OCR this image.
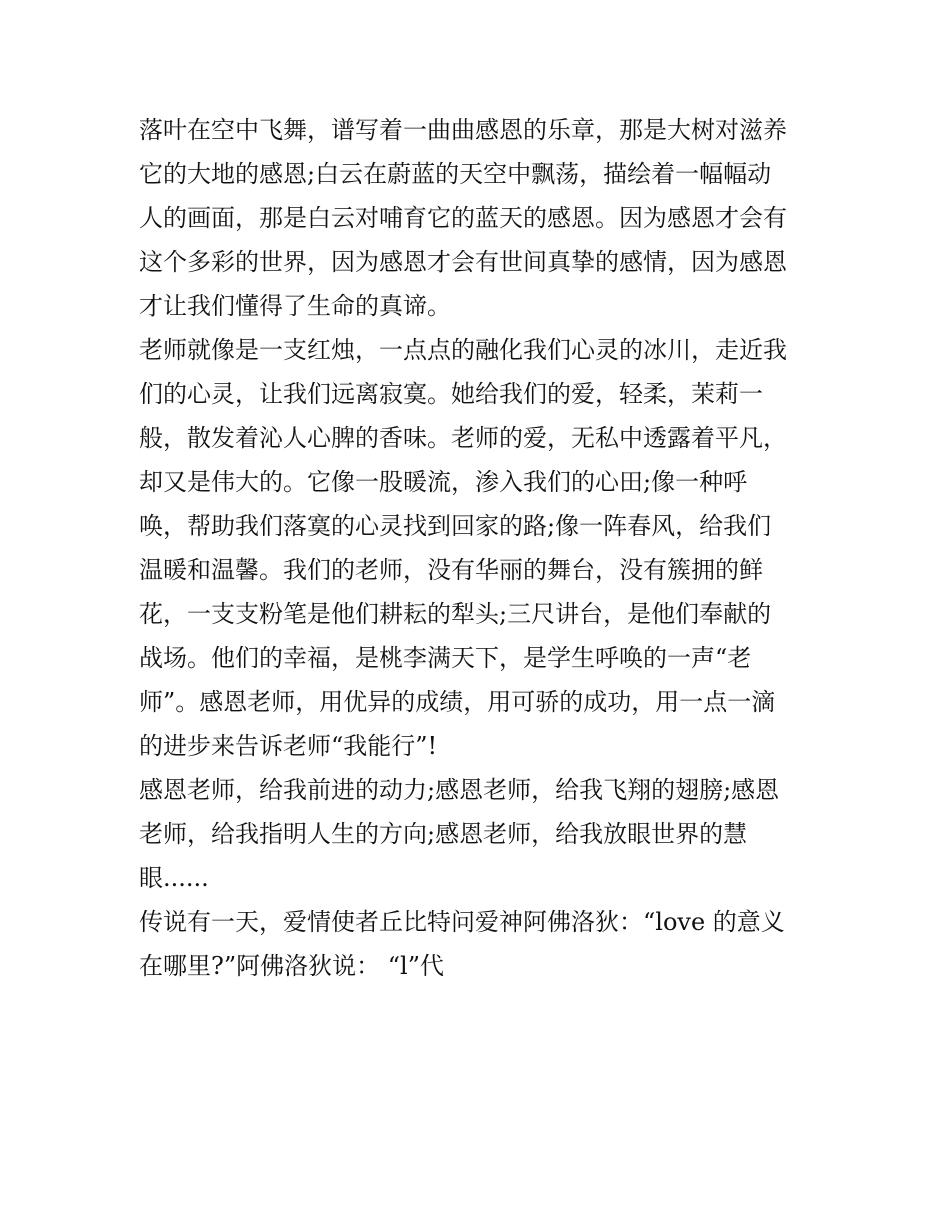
落叶在空中飞舞，谱写着一曲曲感恩的乐章，那是大树对滋养
它的大地的感恩;白云在蔚蓝的天空中飘荡，描绘着一幅幅动
人的画面，那是白云对哺育它的蓝天的感恩。因为感恩才会有
这个多彩的世界，因为感恩才会有世间真挚的感情，因为感恩
才让我们懂得了生命的真谛。
老师就像是一支红烛，一点点的融化我们心灵的冰川，走近我
们的心灵，让我们远离寂寞。她给我们的爱，轻柔，茉莉一
般，散发着沁人心脾的香味。老师的爱，无私中透露着平凡，
却又是伟大的。它像一股暖流，渗入我们的心田;像一种呼
唤，帮助我们落寞的心灵找到回家的路;像一阵春风，给我们
温暖和温馨。我们的老师，没有华丽的舞台，没有簇拥的鲜
花，一支支粉笔是他们耕耘的犁头;三尺讲台，是他们奉献的
战场。他们的幸福，是桃李满天下，是学生呼唤的一声“老
师”。感恩老师，用优异的成绩，用可骄的成功，用一点一滴
的进步来告诉老师“我能行”!
感恩老师，给我前进的动力;感恩老师，给我飞翔的翅膀;感恩
老师，给我指明人生的方向;感恩老师，给我放眼世界的慧
眼......
传说有一天，爱情使者丘比特问爱神阿佛洛狄：“love 的意义
在哪里?”阿佛洛狄说： “l”代
